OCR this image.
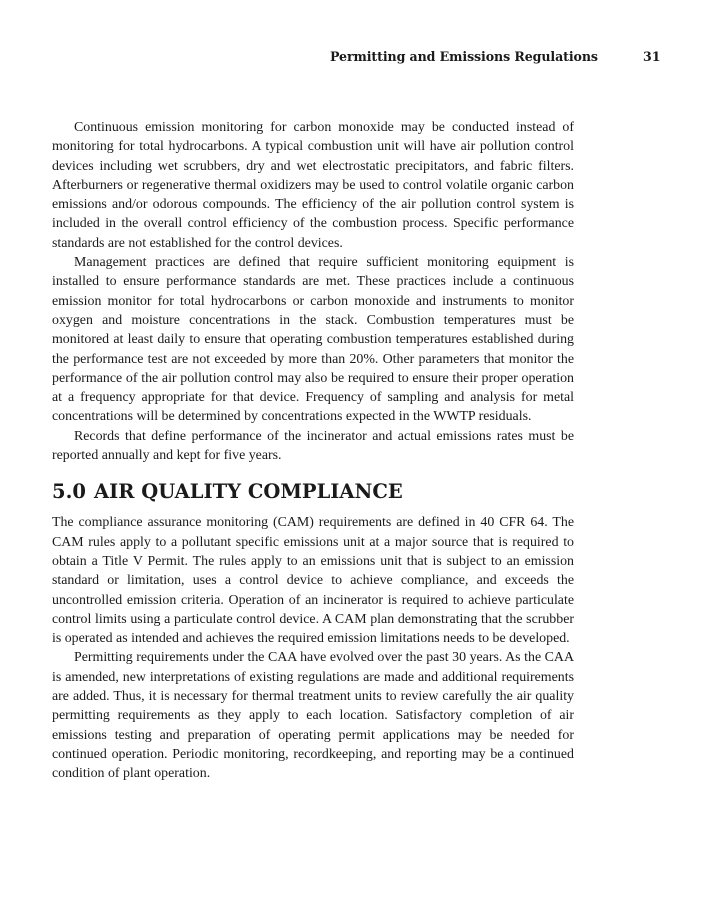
Permitting and Emissions Regulations	31

Continuous emission monitoring for carbon monoxide may be conducted instead of monitoring for total hydrocarbons. A typical combustion unit will have air pollution control devices including wet scrubbers, dry and wet electrostatic precipitators, and fabric filters. Afterburners or regenerative thermal oxidizers may be used to control volatile organic carbon emissions and/or odorous compounds. The efficiency of the air pollution control system is included in the overall control efficiency of the combustion process. Specific performance standards are not established for the control devices.

Management practices are defined that require sufficient monitoring equipment is installed to ensure performance standards are met. These practices include a continuous emission monitor for total hydrocarbons or carbon monoxide and instruments to monitor oxygen and moisture concentrations in the stack. Combustion temperatures must be monitored at least daily to ensure that operating combustion temperatures established during the performance test are not exceeded by more than 20%. Other parameters that monitor the performance of the air pollution control may also be required to ensure their proper operation at a frequency appropriate for that device. Frequency of sampling and analysis for metal concentrations will be determined by concentrations expected in the WWTP residuals.

Records that define performance of the incinerator and actual emissions rates must be reported annually and kept for five years.

5.0 AIR QUALITY COMPLIANCE

The compliance assurance monitoring (CAM) requirements are defined in 40 CFR 64. The CAM rules apply to a pollutant specific emissions unit at a major source that is required to obtain a Title V Permit. The rules apply to an emissions unit that is subject to an emission standard or limitation, uses a control device to achieve compliance, and exceeds the uncontrolled emission criteria. Operation of an incinerator is required to achieve particulate control limits using a particulate control device. A CAM plan demonstrating that the scrubber is operated as intended and achieves the required emission limitations needs to be developed.

Permitting requirements under the CAA have evolved over the past 30 years. As the CAA is amended, new interpretations of existing regulations are made and additional requirements are added. Thus, it is necessary for thermal treatment units to review carefully the air quality permitting requirements as they apply to each location. Satisfactory completion of air emissions testing and preparation of operating permit applications may be needed for continued operation. Periodic monitoring, recordkeeping, and reporting may be a continued condition of plant operation.
